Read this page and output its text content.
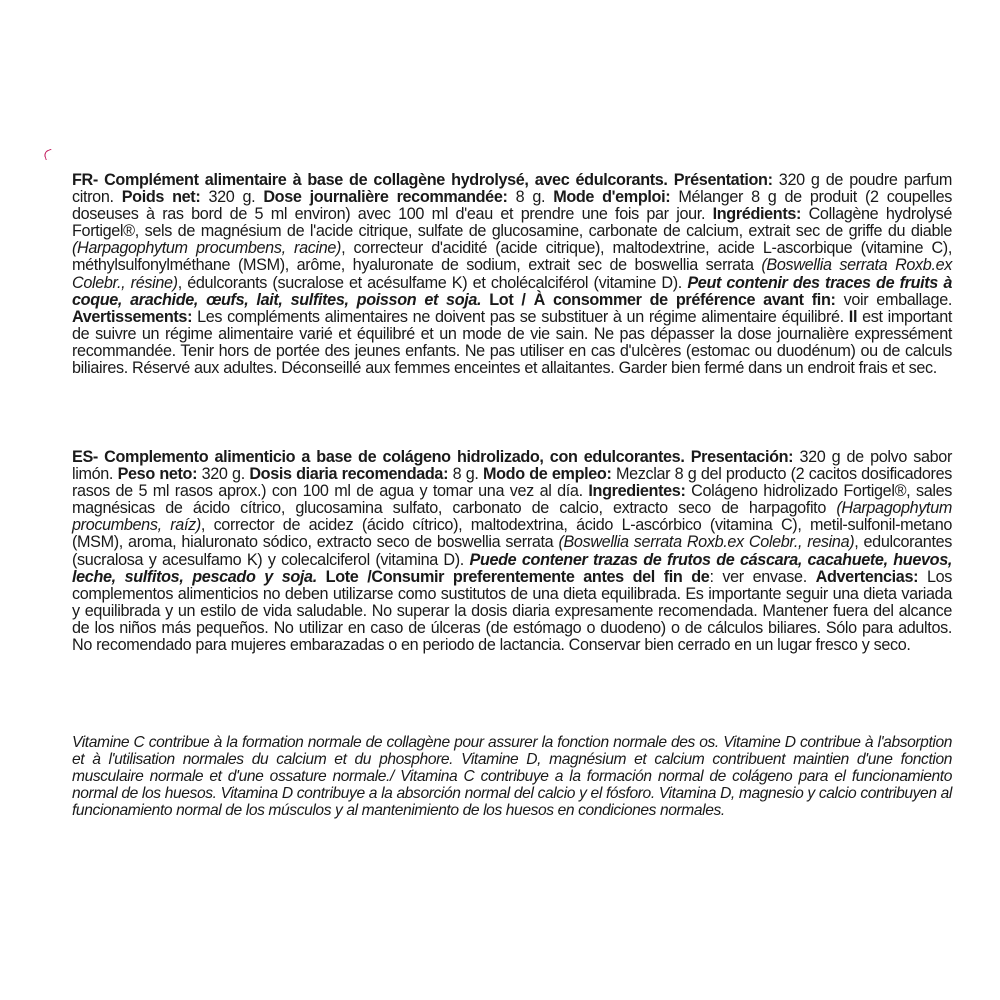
FR- Complément alimentaire à base de collagène hydrolysé, avec édulcorants. Présentation: 320 g de poudre parfum citron. Poids net: 320 g. Dose journalière recommandée: 8 g. Mode d'emploi: Mélanger 8 g de produit (2 coupelles doseuses à ras bord de 5 ml environ) avec 100 ml d'eau et prendre une fois par jour. Ingrédients: Collagène hydrolysé Fortigel®, sels de magnésium de l'acide citrique, sulfate de glucosamine, carbonate de calcium, extrait sec de griffe du diable (Harpagophytum procumbens, racine), correcteur d'acidité (acide citrique), maltodextrine, acide L-ascorbique (vitamine C), méthylsulfonylméthane (MSM), arôme, hyaluronate de sodium, extrait sec de boswellia serrata (Boswellia serrata Roxb.ex Colebr., résine), édulcorants (sucralose et acésulfame K) et cholécalciférol (vitamine D). Peut contenir des traces de fruits à coque, arachide, œufs, lait, sulfites, poisson et soja. Lot / À consommer de préférence avant fin: voir emballage. Avertissements: Les compléments alimentaires ne doivent pas se substituer à un régime alimentaire équilibré. Il est important de suivre un régime alimentaire varié et équilibré et un mode de vie sain. Ne pas dépasser la dose journalière expressément recommandée. Tenir hors de portée des jeunes enfants. Ne pas utiliser en cas d'ulcères (estomac ou duodénum) ou de calculs biliaires. Réservé aux adultes. Déconseillé aux femmes enceintes et allaitantes. Garder bien fermé dans un endroit frais et sec.
ES- Complemento alimenticio a base de colágeno hidrolizado, con edulcorantes. Presentación: 320 g de polvo sabor limón. Peso neto: 320 g. Dosis diaria recomendada: 8 g. Modo de empleo: Mezclar 8 g del producto (2 cacitos dosificadores rasos de 5 ml rasos aprox.) con 100 ml de agua y tomar una vez al día. Ingredientes: Colágeno hidrolizado Fortigel®, sales magnésicas de ácido cítrico, glucosamina sulfato, carbonato de calcio, extracto seco de harpagofito (Harpagophytum procumbens, raíz), corrector de acidez (ácido cítrico), maltodextrina, ácido L-ascórbico (vitamina C), metil-sulfonil-metano (MSM), aroma, hialuronato sódico, extracto seco de boswellia serrata (Boswellia serrata Roxb.ex Colebr., resina), edulcorantes (sucralosa y acesulfamo K) y colecalciferol (vitamina D). Puede contener trazas de frutos de cáscara, cacahuete, huevos, leche, sulfitos, pescado y soja. Lote /Consumir preferentemente antes del fin de: ver envase. Advertencias: Los complementos alimenticios no deben utilizarse como sustitutos de una dieta equilibrada. Es importante seguir una dieta variada y equilibrada y un estilo de vida saludable. No superar la dosis diaria expresamente recomendada. Mantener fuera del alcance de los niños más pequeños. No utilizar en caso de úlceras (de estómago o duodeno) o de cálculos biliares. Sólo para adultos. No recomendado para mujeres embarazadas o en periodo de lactancia. Conservar bien cerrado en un lugar fresco y seco.
Vitamine C contribue à la formation normale de collagène pour assurer la fonction normale des os. Vitamine D contribue à l'absorption et à l'utilisation normales du calcium et du phosphore. Vitamine D, magnésium et calcium contribuent maintien d'une fonction musculaire normale et d'une ossature normale./ Vitamina C contribuye a la formación normal de colágeno para el funcionamiento normal de los huesos. Vitamina D contribuye a la absorción normal del calcio y el fósforo. Vitamina D, magnesio y calcio contribuyen al funcionamiento normal de los músculos y al mantenimiento de los huesos en condiciones normales.
